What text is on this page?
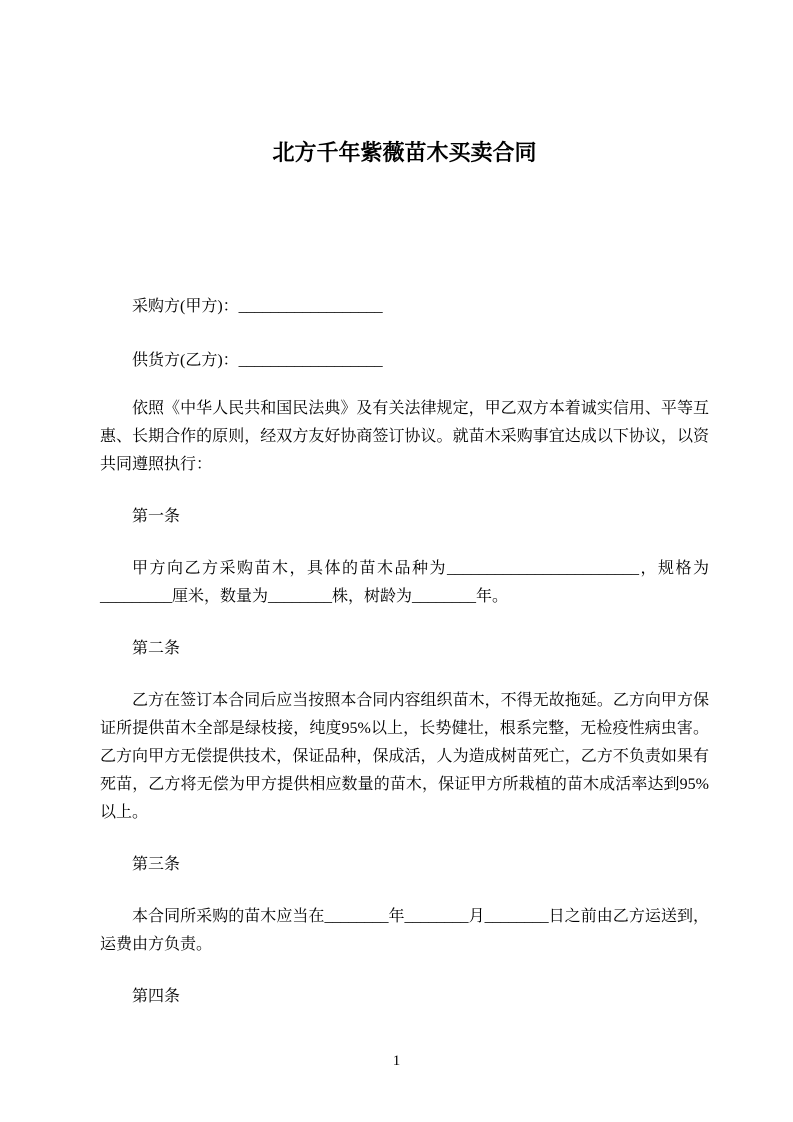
北方千年紫薇苗木买卖合同

采购方(甲方)：__________________

供货方(乙方)：__________________

依照《中华人民共和国民法典》及有关法律规定，甲乙双方本着诚实信用、平等互惠、长期合作的原则，经双方友好协商签订协议。就苗木采购事宜达成以下协议，以资共同遵照执行：

第一条

甲方向乙方采购苗木，具体的苗木品种为________________________，规格为_________厘米，数量为________株，树龄为________年。

第二条

乙方在签订本合同后应当按照本合同内容组织苗木，不得无故拖延。乙方向甲方保证所提供苗木全部是绿枝接，纯度95%以上，长势健壮，根系完整，无检疫性病虫害。乙方向甲方无偿提供技术，保证品种，保成活，人为造成树苗死亡，乙方不负责如果有死苗，乙方将无偿为甲方提供相应数量的苗木，保证甲方所栽植的苗木成活率达到95%以上。

第三条

本合同所采购的苗木应当在________年________月________日之前由乙方运送到，运费由方负责。

第四条

1
